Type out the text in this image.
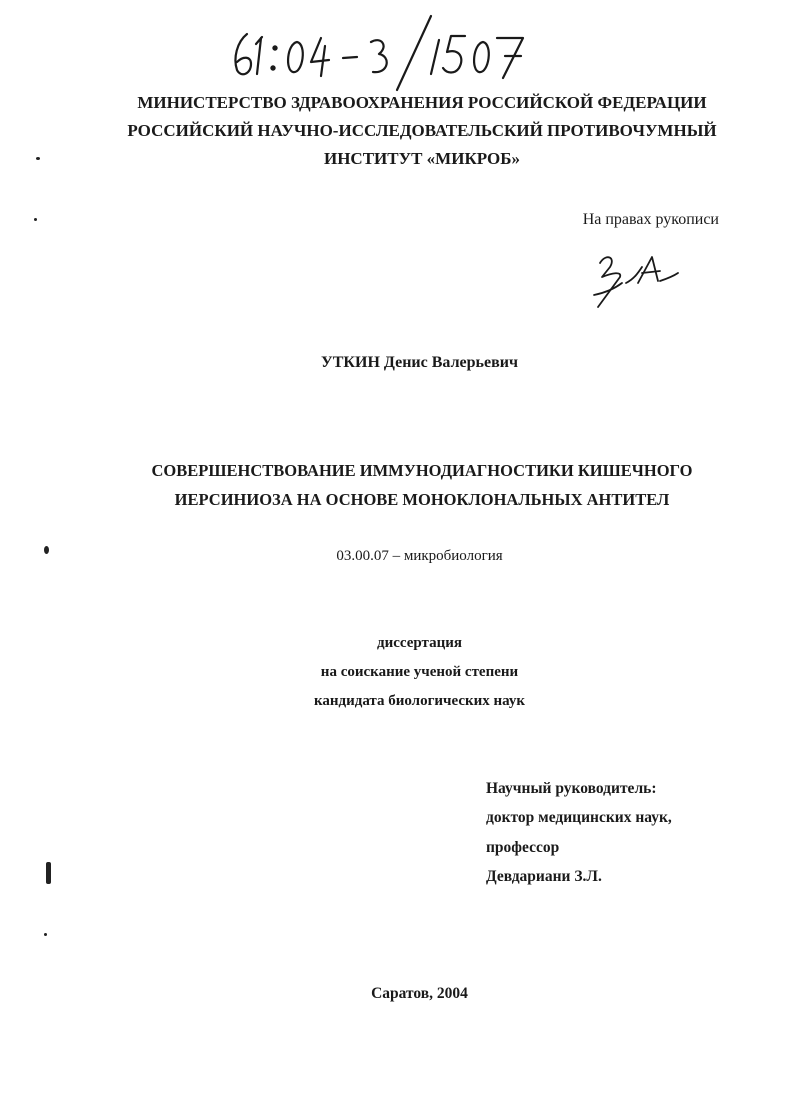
МИНИСТЕРСТВО ЗДРАВООХРАНЕНИЯ РОССИЙСКОЙ ФЕДЕРАЦИИ
РОССИЙСКИЙ НАУЧНО-ИССЛЕДОВАТЕЛЬСКИЙ ПРОТИВОЧУМНЫЙ
ИНСТИТУТ «МИКРОБ»
На правах рукописи
УТКИН Денис Валерьевич
СОВЕРШЕНСТВОВАНИЕ ИММУНОДИАГНОСТИКИ КИШЕЧНОГО
ИЕРСИНИОЗА НА ОСНОВЕ МОНОКЛОНАЛЬНЫХ АНТИТЕЛ
03.00.07 – микробиология
диссертация
на соискание ученой степени
кандидата биологических наук
Научный руководитель:
доктор медицинских наук,
профессор
Девдариани З.Л.
Саратов, 2004
